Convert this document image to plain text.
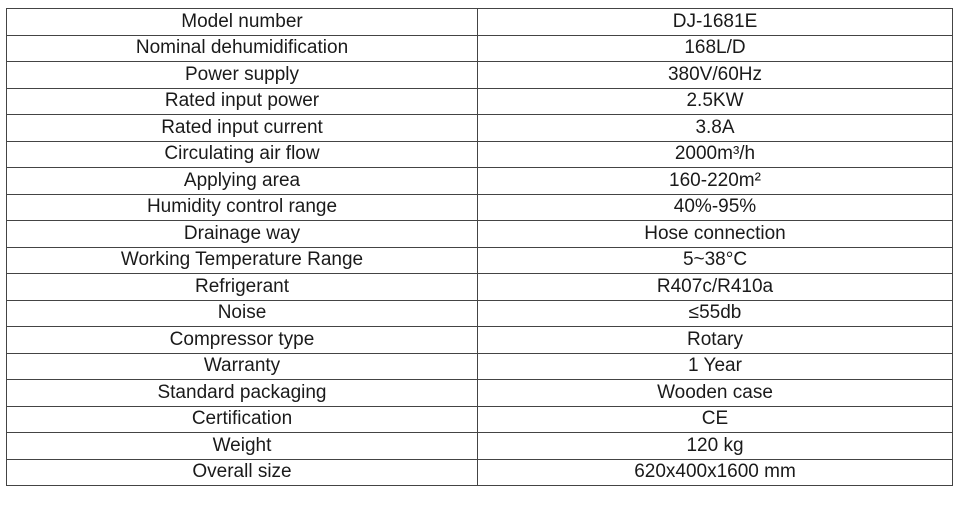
Model number	DJ-1681E
Nominal dehumidification	168L/D
Power supply	380V/60Hz
Rated input power	2.5KW
Rated input current	3.8A
Circulating air flow	2000m³/h
Applying area	160-220m²
Humidity control range	40%-95%
Drainage way	Hose connection
Working Temperature Range	5~38°C
Refrigerant	R407c/R410a
Noise	≤55db
Compressor type	Rotary
Warranty	1 Year
Standard packaging	Wooden case
Certification	CE
Weight	120 kg
Overall size	620x400x1600 mm
